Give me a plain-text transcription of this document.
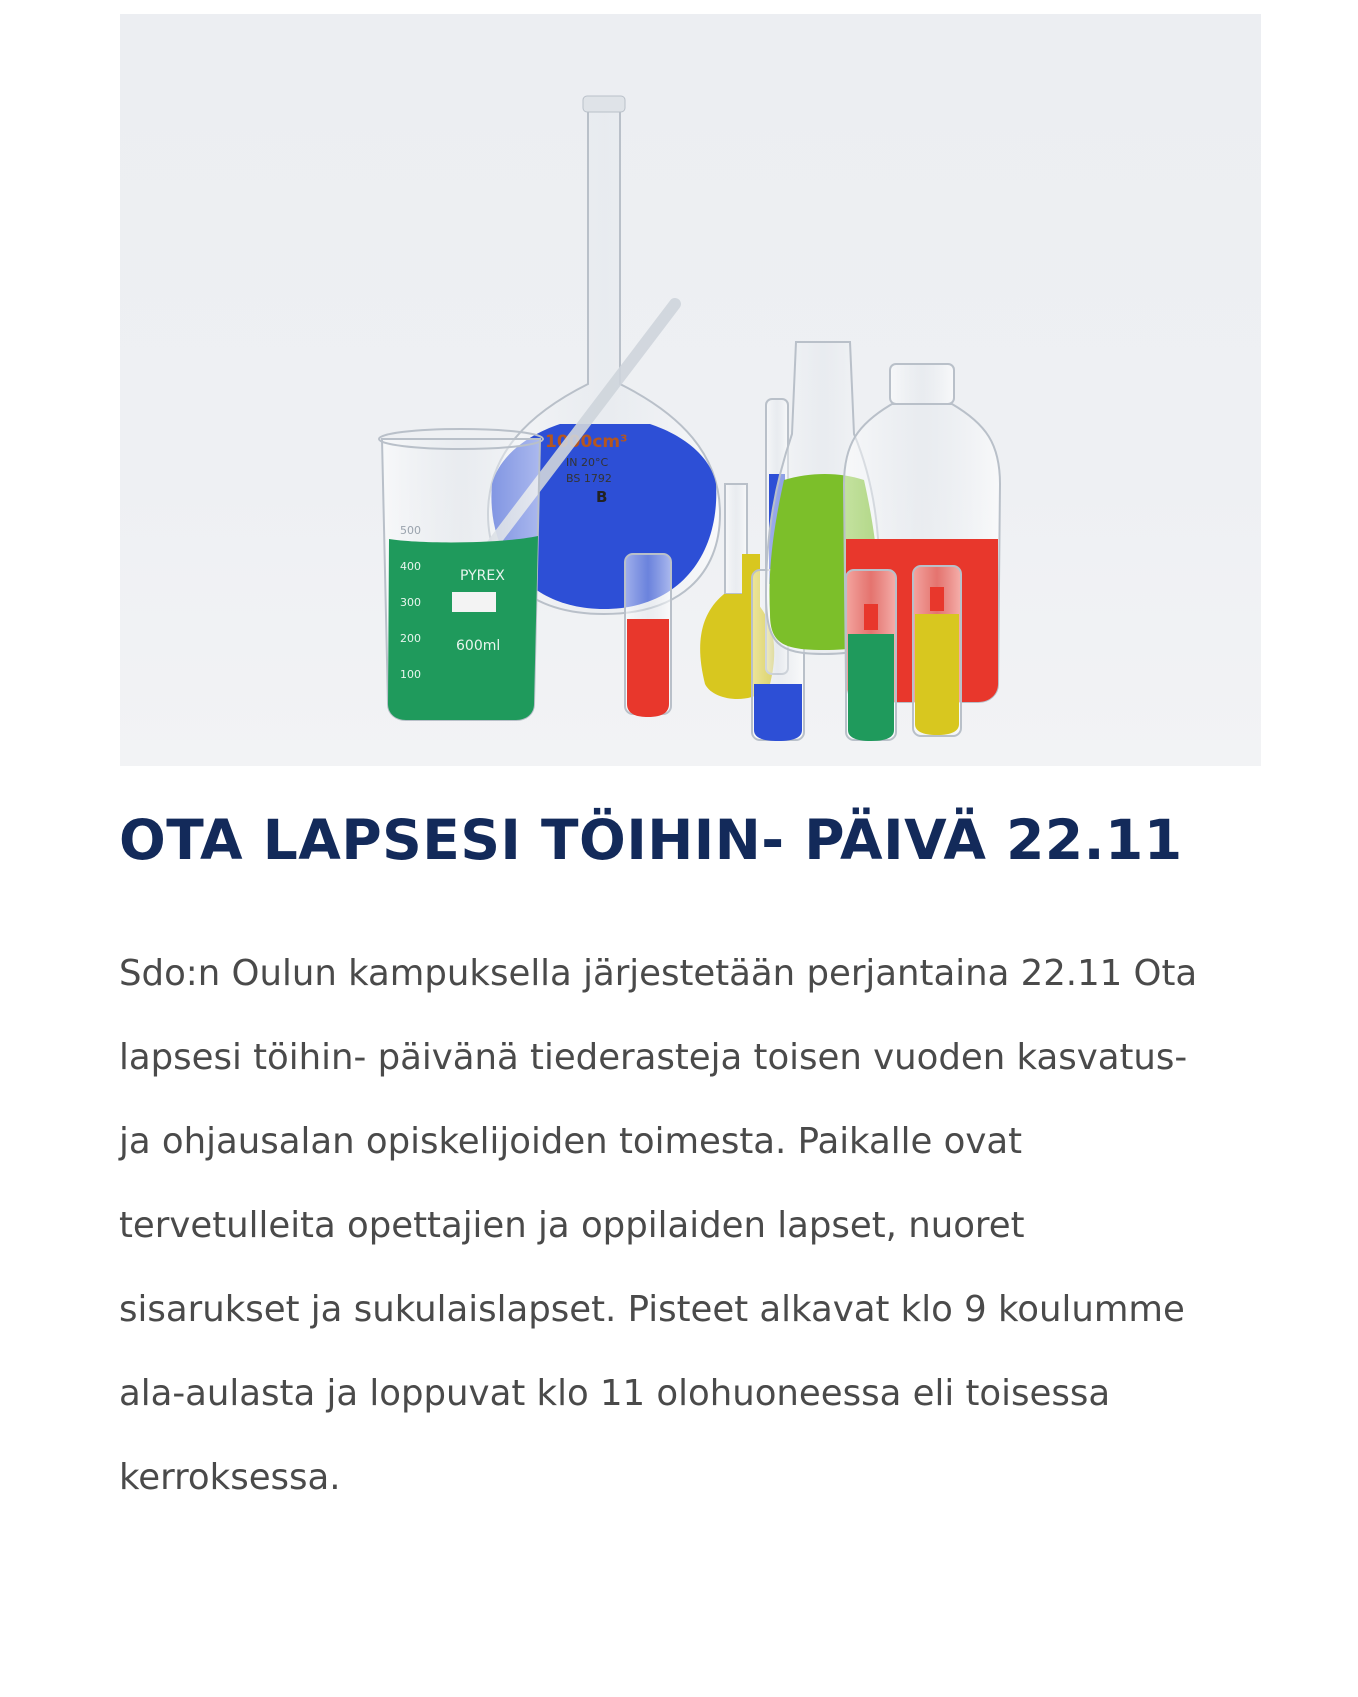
1000cm³
IN 20°C
BS 1792
B
PYREX
600ml
500
400
300
200
100
OTA LAPSESI TÖIHIN- PÄIVÄ 22.11

Sdo:n Oulun kampuksella järjestetään perjantaina 22.11 Ota
lapsesi töihin- päivänä tiederasteja toisen vuoden kasvatus-
ja ohjausalan opiskelijoiden toimesta. Paikalle ovat
tervetulleita opettajien ja oppilaiden lapset, nuoret
sisarukset ja sukulaislapset. Pisteet alkavat klo 9 koulumme
ala-aulasta ja loppuvat klo 11 olohuoneessa eli toisessa
kerroksessa.
